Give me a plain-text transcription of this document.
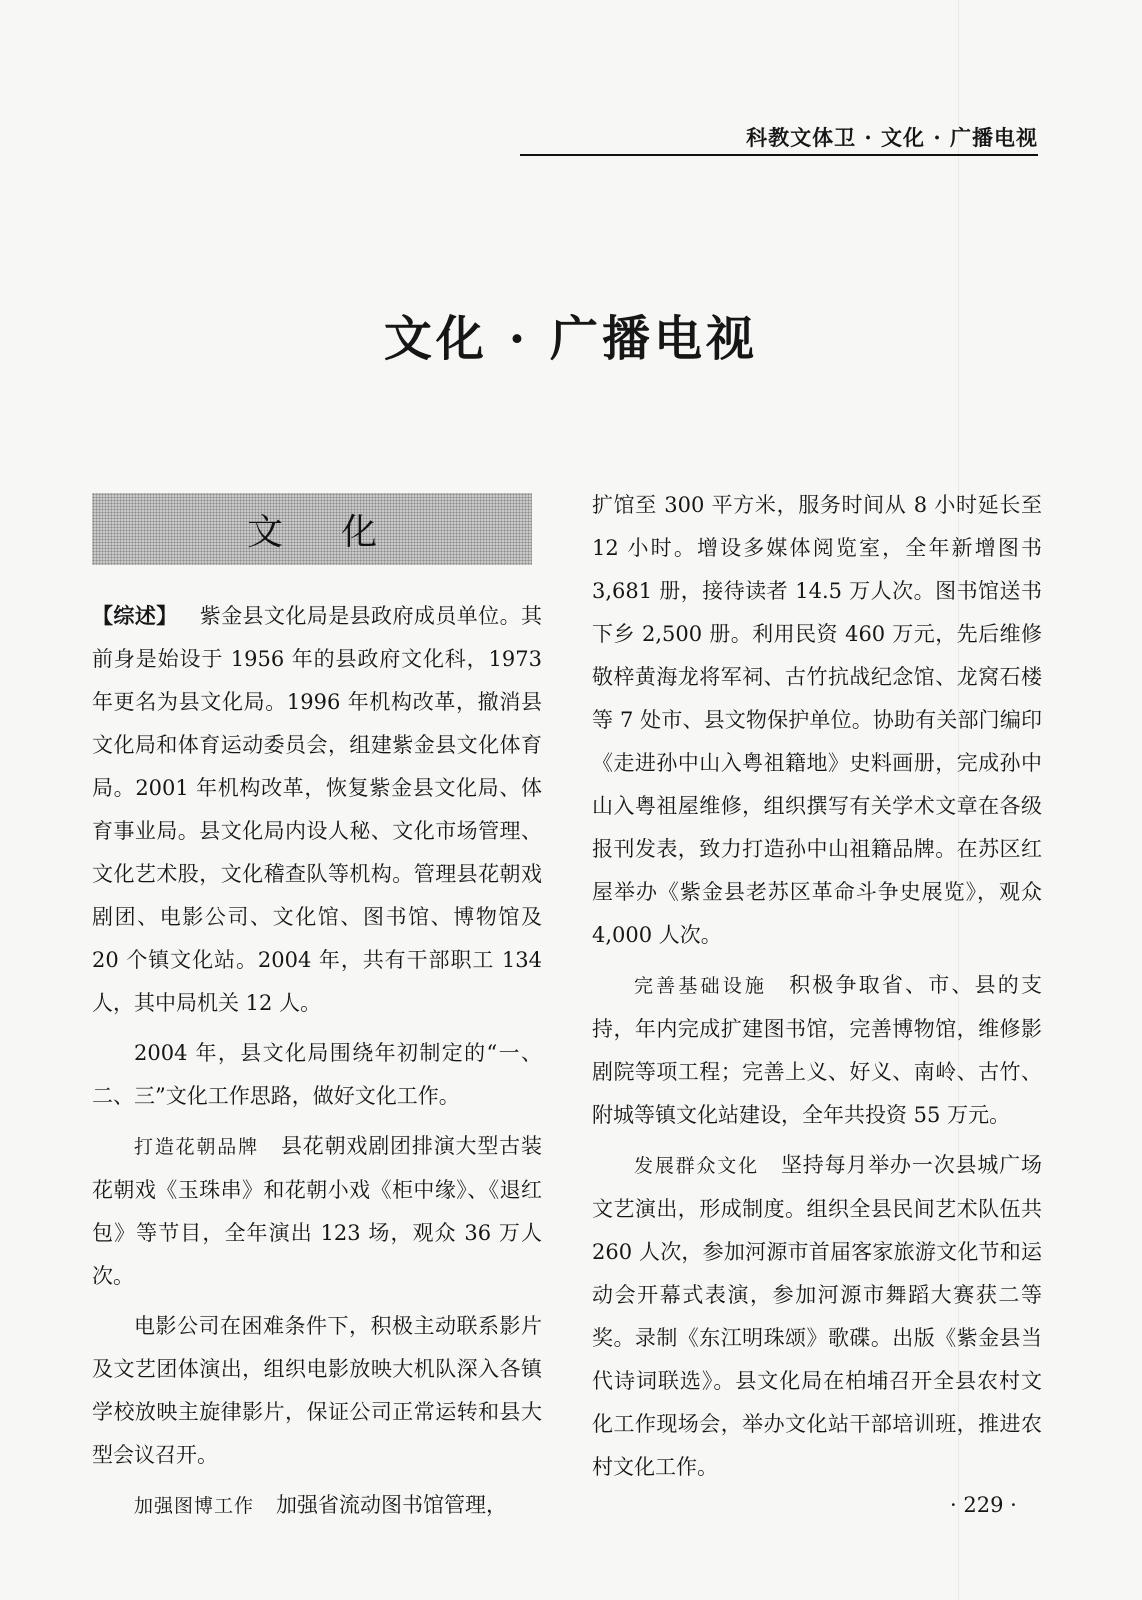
科教文体卫 · 文化 · 广播电视
文化 · 广播电视
文化

【综述】 紫金县文化局是县政府成员单位。其前身是始设于 1956 年的县政府文化科，1973 年更名为县文化局。1996 年机构改革，撤消县文化局和体育运动委员会，组建紫金县文化体育局。2001 年机构改革，恢复紫金县文化局、体育事业局。县文化局内设人秘、文化市场管理、文化艺术股，文化稽查队等机构。管理县花朝戏剧团、电影公司、文化馆、图书馆、博物馆及 20 个镇文化站。2004 年，共有干部职工 134 人，其中局机关 12 人。

2004 年，县文化局围绕年初制定的“一、二、三”文化工作思路，做好文化工作。

打造花朝品牌 县花朝戏剧团排演大型古装花朝戏《玉珠串》和花朝小戏《柜中缘》、《退红包》等节目，全年演出 123 场，观众 36 万人次。

电影公司在困难条件下，积极主动联系影片及文艺团体演出，组织电影放映大机队深入各镇学校放映主旋律影片，保证公司正常运转和县大型会议召开。

加强图博工作 加强省流动图书馆管理，

扩馆至 300 平方米，服务时间从 8 小时延长至 12 小时。增设多媒体阅览室，全年新增图书 3,681 册，接待读者 14.5 万人次。图书馆送书下乡 2,500 册。利用民资 460 万元，先后维修敬梓黄海龙将军祠、古竹抗战纪念馆、龙窝石楼等 7 处市、县文物保护单位。协助有关部门编印《走进孙中山入粤祖籍地》史料画册，完成孙中山入粤祖屋维修，组织撰写有关学术文章在各级报刊发表，致力打造孙中山祖籍品牌。在苏区红屋举办《紫金县老苏区革命斗争史展览》，观众 4,000 人次。

完善基础设施 积极争取省、市、县的支持，年内完成扩建图书馆，完善博物馆，维修影剧院等项工程；完善上义、好义、南岭、古竹、附城等镇文化站建设，全年共投资 55 万元。

发展群众文化 坚持每月举办一次县城广场文艺演出，形成制度。组织全县民间艺术队伍共 260 人次，参加河源市首届客家旅游文化节和运动会开幕式表演，参加河源市舞蹈大赛获二等奖。录制《东江明珠颂》歌碟。出版《紫金县当代诗词联选》。县文化局在柏埔召开全县农村文化工作现场会，举办文化站干部培训班，推进农村文化工作。

· 229 ·
